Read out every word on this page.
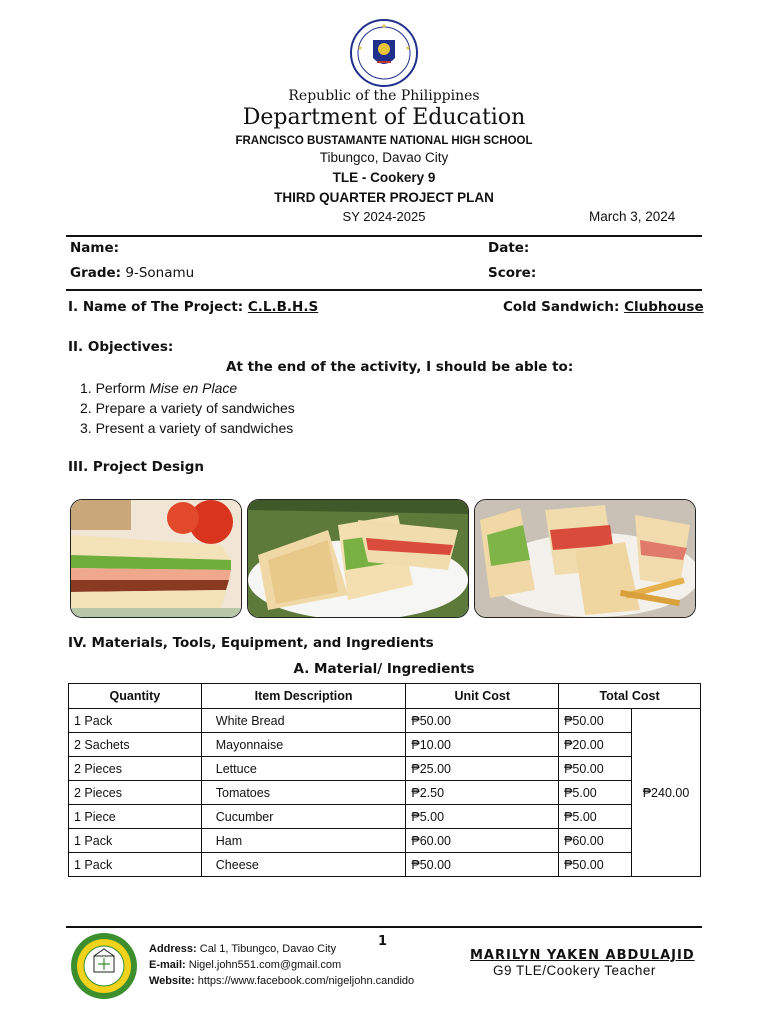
Republic of the Philippines
Department of Education
FRANCISCO BUSTAMANTE NATIONAL HIGH SCHOOL
Tibungco, Davao City
TLE - Cookery 9
THIRD QUARTER PROJECT PLAN
SY 2024-2025	March 3, 2024
Name:	Date:
Grade: 9-Sonamu	Score:
I. Name of The Project: C.L.B.H.S	Cold Sandwich: Clubhouse
II. Objectives:
At the end of the activity, I should be able to:
1. Perform Mise en Place
2. Prepare a variety of sandwiches
3. Present a variety of sandwiches
III. Project Design
IV. Materials, Tools, Equipment, and Ingredients
A. Material/ Ingredients
Quantity	Item Description	Unit Cost	Total Cost	
1 Pack	White Bread	₱50.00	₱50.00	₱240.00
2 Sachets	Mayonnaise	₱10.00	₱20.00	
2 Pieces	Lettuce	₱25.00	₱50.00	
2 Pieces	Tomatoes	₱2.50	₱5.00	
1 Piece	Cucumber	₱5.00	₱5.00	
1 Pack	Ham	₱60.00	₱60.00	
1 Pack	Cheese	₱50.00	₱50.00	
1
Address: Cal 1, Tibungco, Davao City
E-mail: Nigel.john551.com@gmail.com
Website: https://www.facebook.com/nigeljohn.candido
MARILYN YAKEN ABDULAJID
G9 TLE/Cookery Teacher
